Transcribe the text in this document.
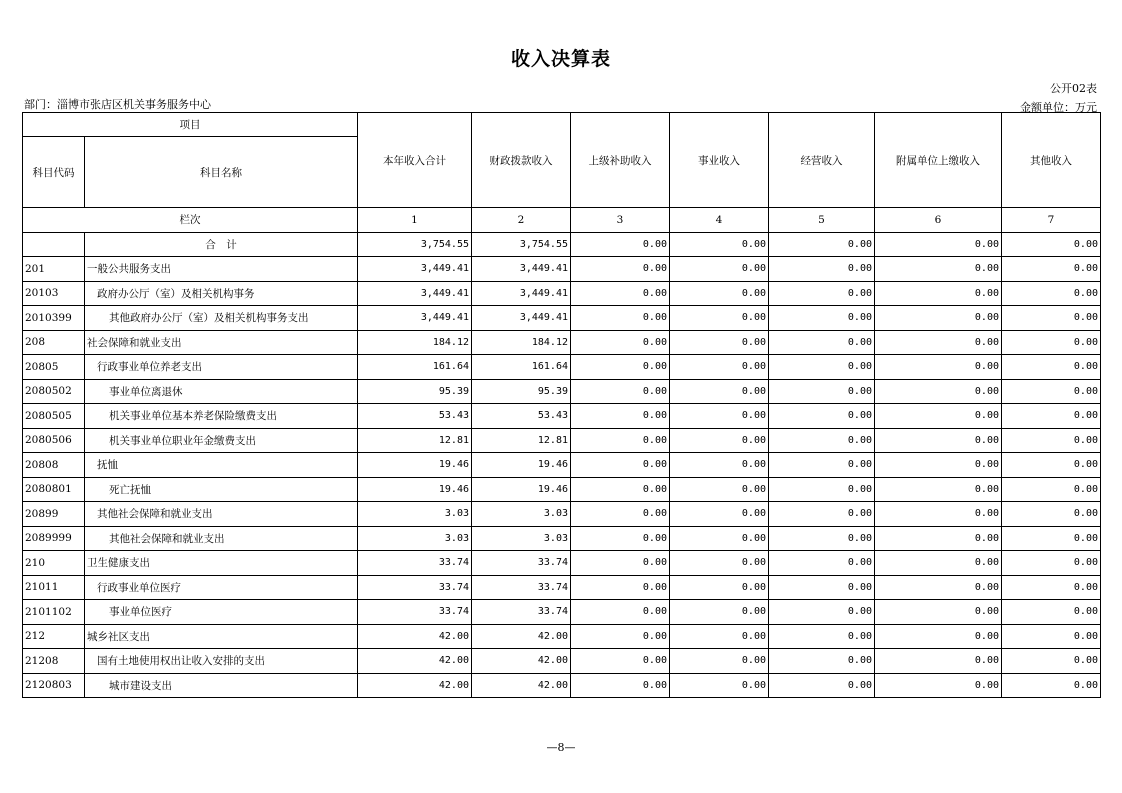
收入决算表
公开02表
部门：淄博市张店区机关事务服务中心	金额单位：万元
项目		本年收入合计	财政拨款收入	上级补助收入	事业收入	经营收入	附属单位上缴收入	其他收入
科目代码	科目名称							
栏次		1	2	3	4	5	6	7
	合　计	3,754.55	3,754.55	0.00	0.00	0.00	0.00	0.00
201	一般公共服务支出	3,449.41	3,449.41	0.00	0.00	0.00	0.00	0.00
20103	政府办公厅（室）及相关机构事务	3,449.41	3,449.41	0.00	0.00	0.00	0.00	0.00
2010399	其他政府办公厅（室）及相关机构事务支出	3,449.41	3,449.41	0.00	0.00	0.00	0.00	0.00
208	社会保障和就业支出	184.12	184.12	0.00	0.00	0.00	0.00	0.00
20805	行政事业单位养老支出	161.64	161.64	0.00	0.00	0.00	0.00	0.00
2080502	事业单位离退休	95.39	95.39	0.00	0.00	0.00	0.00	0.00
2080505	机关事业单位基本养老保险缴费支出	53.43	53.43	0.00	0.00	0.00	0.00	0.00
2080506	机关事业单位职业年金缴费支出	12.81	12.81	0.00	0.00	0.00	0.00	0.00
20808	抚恤	19.46	19.46	0.00	0.00	0.00	0.00	0.00
2080801	死亡抚恤	19.46	19.46	0.00	0.00	0.00	0.00	0.00
20899	其他社会保障和就业支出	3.03	3.03	0.00	0.00	0.00	0.00	0.00
2089999	其他社会保障和就业支出	3.03	3.03	0.00	0.00	0.00	0.00	0.00
210	卫生健康支出	33.74	33.74	0.00	0.00	0.00	0.00	0.00
21011	行政事业单位医疗	33.74	33.74	0.00	0.00	0.00	0.00	0.00
2101102	事业单位医疗	33.74	33.74	0.00	0.00	0.00	0.00	0.00
212	城乡社区支出	42.00	42.00	0.00	0.00	0.00	0.00	0.00
21208	国有土地使用权出让收入安排的支出	42.00	42.00	0.00	0.00	0.00	0.00	0.00
2120803	城市建设支出	42.00	42.00	0.00	0.00	0.00	0.00	0.00
—8—
